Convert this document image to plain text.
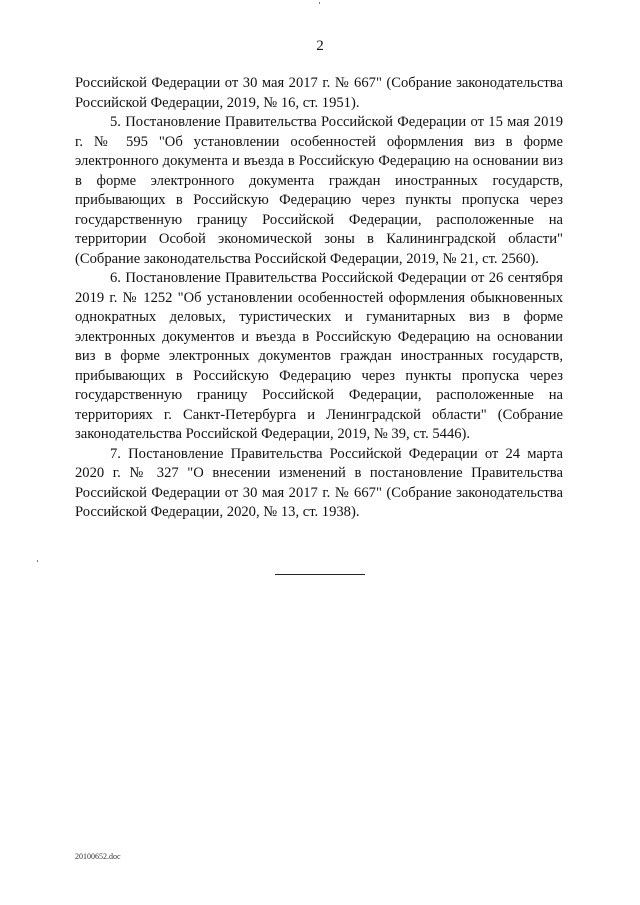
2

Российской Федерации от 30 мая 2017 г. № 667" (Собрание законодательства Российской Федерации, 2019, № 16, ст. 1951).

5. Постановление Правительства Российской Федерации от 15 мая 2019 г. № 595 "Об установлении особенностей оформления виз в форме электронного документа и въезда в Российскую Федерацию на основании виз в форме электронного документа граждан иностранных государств, прибывающих в Российскую Федерацию через пункты пропуска через государственную границу Российской Федерации, расположенные на территории Особой экономической зоны в Калининградской области" (Собрание законодательства Российской Федерации, 2019, № 21, ст. 2560).

6. Постановление Правительства Российской Федерации от 26 сентября 2019 г. № 1252 "Об установлении особенностей оформления обыкновенных однократных деловых, туристических и гуманитарных виз в форме электронных документов и въезда в Российскую Федерацию на основании виз в форме электронных документов граждан иностранных государств, прибывающих в Российскую Федерацию через пункты пропуска через государственную границу Российской Федерации, расположенные на территориях г. Санкт-Петербурга и Ленинградской области" (Собрание законодательства Российской Федерации, 2019, № 39, ст. 5446).

7. Постановление Правительства Российской Федерации от 24 марта 2020 г. № 327 "О внесении изменений в постановление Правительства Российской Федерации от 30 мая 2017 г. № 667" (Собрание законодательства Российской Федерации, 2020, № 13, ст. 1938).

20100652.doc
